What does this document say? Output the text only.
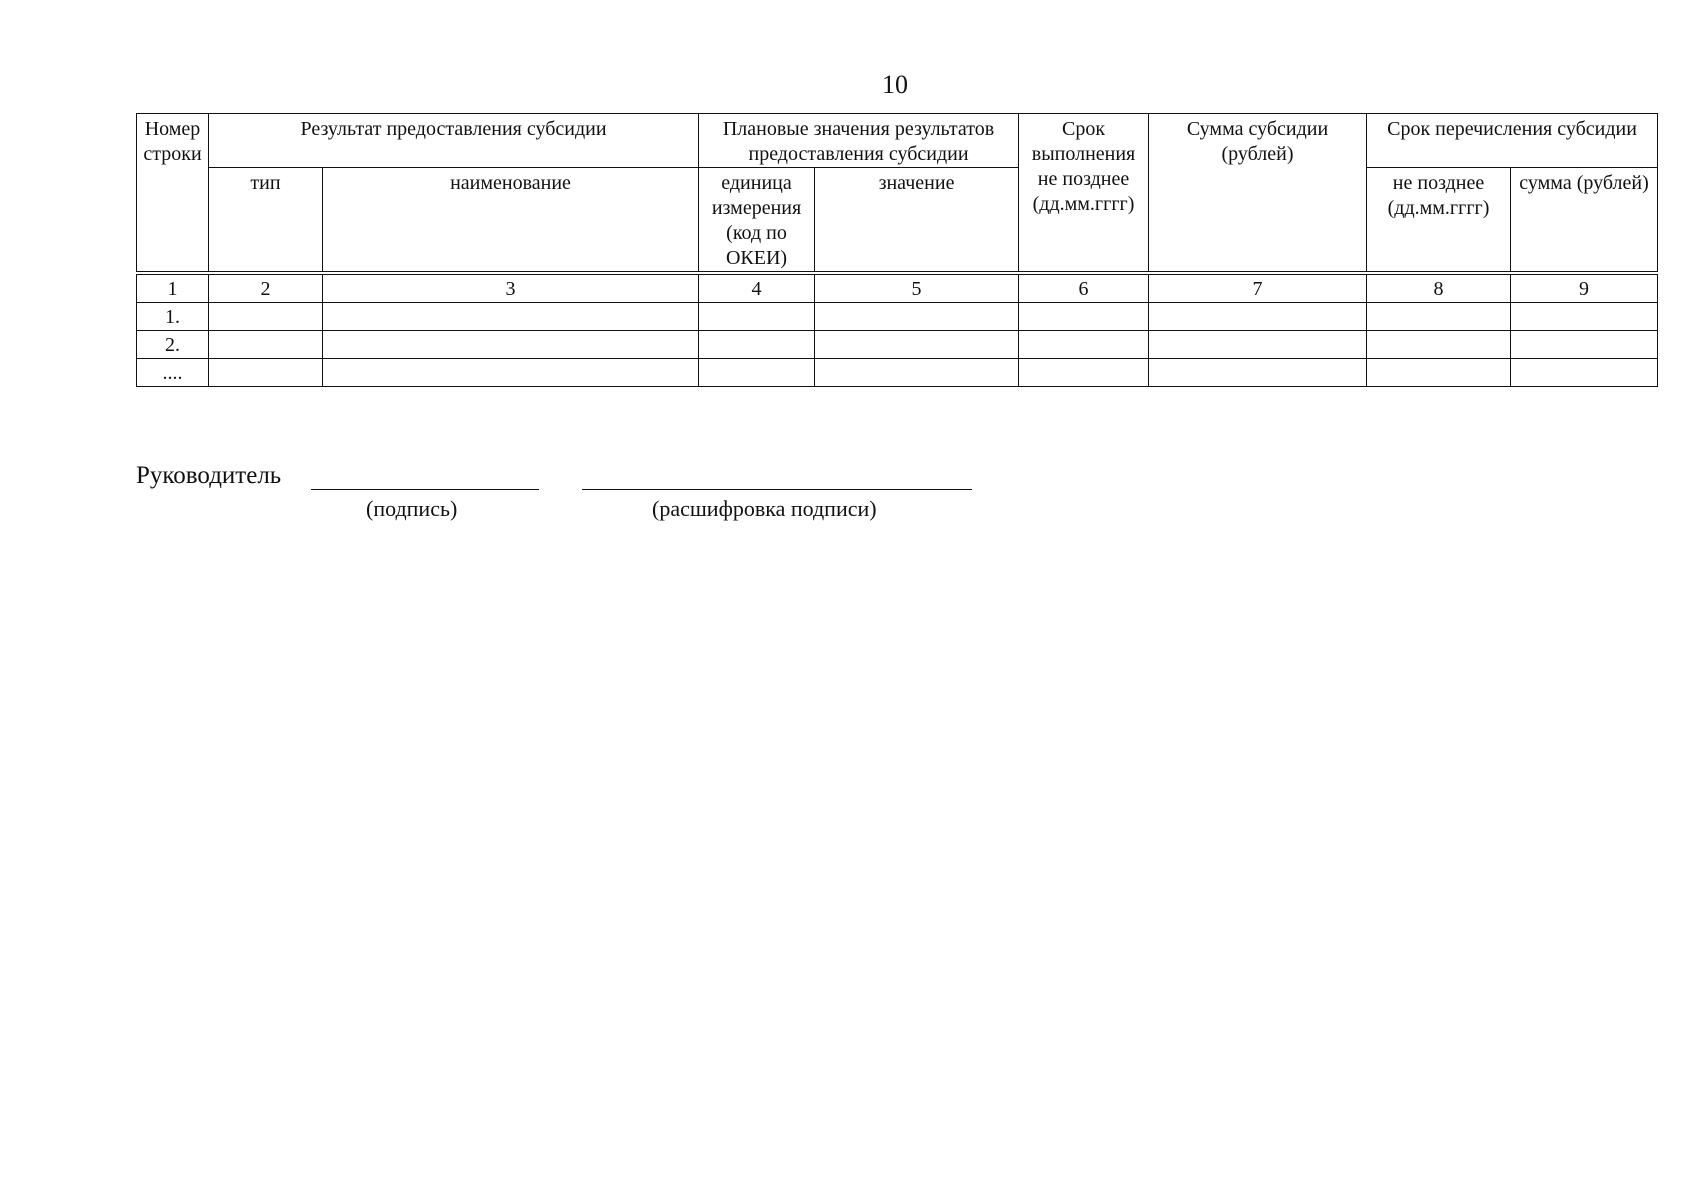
10
Номер строки	Результат предоставления субсидии		Плановые значения результатов предоставления субсидии		Срок выполнения не позднее (дд.мм.гггг)	Сумма субсидии (рублей)	Срок перечисления субсидии	
	тип	наименование	единица измерения (код по ОКЕИ)	значение			не позднее (дд.мм.гггг)	сумма (рублей)
1	2	3	4	5	6	7	8	9
1.								
2.								
....								
Руководитель
(подпись)	(расшифровка подписи)
